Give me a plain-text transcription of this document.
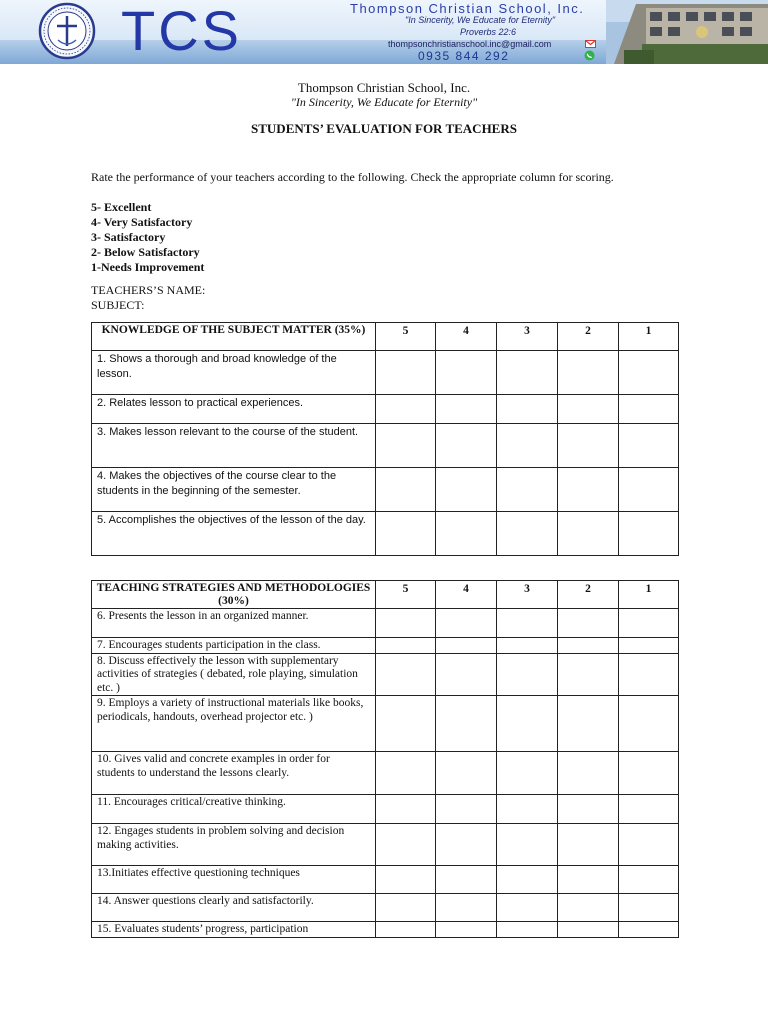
TCS	Thompson Christian School, Inc.
"In Sincerity, We Educate for Eternity"
Proverbs 22:6
thompsonchristianschool.inc@gmail.com
0935 844 292
Thompson Christian School, Inc.
"In Sincerity, We Educate for Eternity"
STUDENTS’ EVALUATION FOR TEACHERS
Rate the performance of your teachers according to the following. Check the appropriate column for scoring.
5- Excellent
4- Very Satisfactory
3- Satisfactory
2- Below Satisfactory
1-Needs Improvement
TEACHERS’S NAME:
SUBJECT:
KNOWLEDGE OF THE SUBJECT MATTER (35%)	5	4	3	2	1
1. Shows a thorough and broad knowledge of the lesson.					
2. Relates lesson to practical experiences.					
3. Makes lesson relevant to the course of the student.					
4. Makes the objectives of the course clear to the students in the beginning of the semester.					
5. Accomplishes the objectives of the lesson of the day.					
TEACHING STRATEGIES AND METHODOLOGIES (30%)	5	4	3	2	1
6. Presents the lesson in an organized manner.					
7. Encourages students participation in the class.					
8. Discuss effectively the lesson with supplementary activities of strategies ( debated, role playing, simulation etc. )					
9. Employs a variety of instructional materials like books, periodicals, handouts, overhead projector etc. )					
10. Gives valid and concrete examples in order for students to understand the lessons clearly.					
11. Encourages critical/creative thinking.					
12. Engages students in problem solving and decision making activities.					
13.Initiates effective questioning techniques					
14. Answer questions clearly and satisfactorily.					
15. Evaluates students’ progress, participation					
